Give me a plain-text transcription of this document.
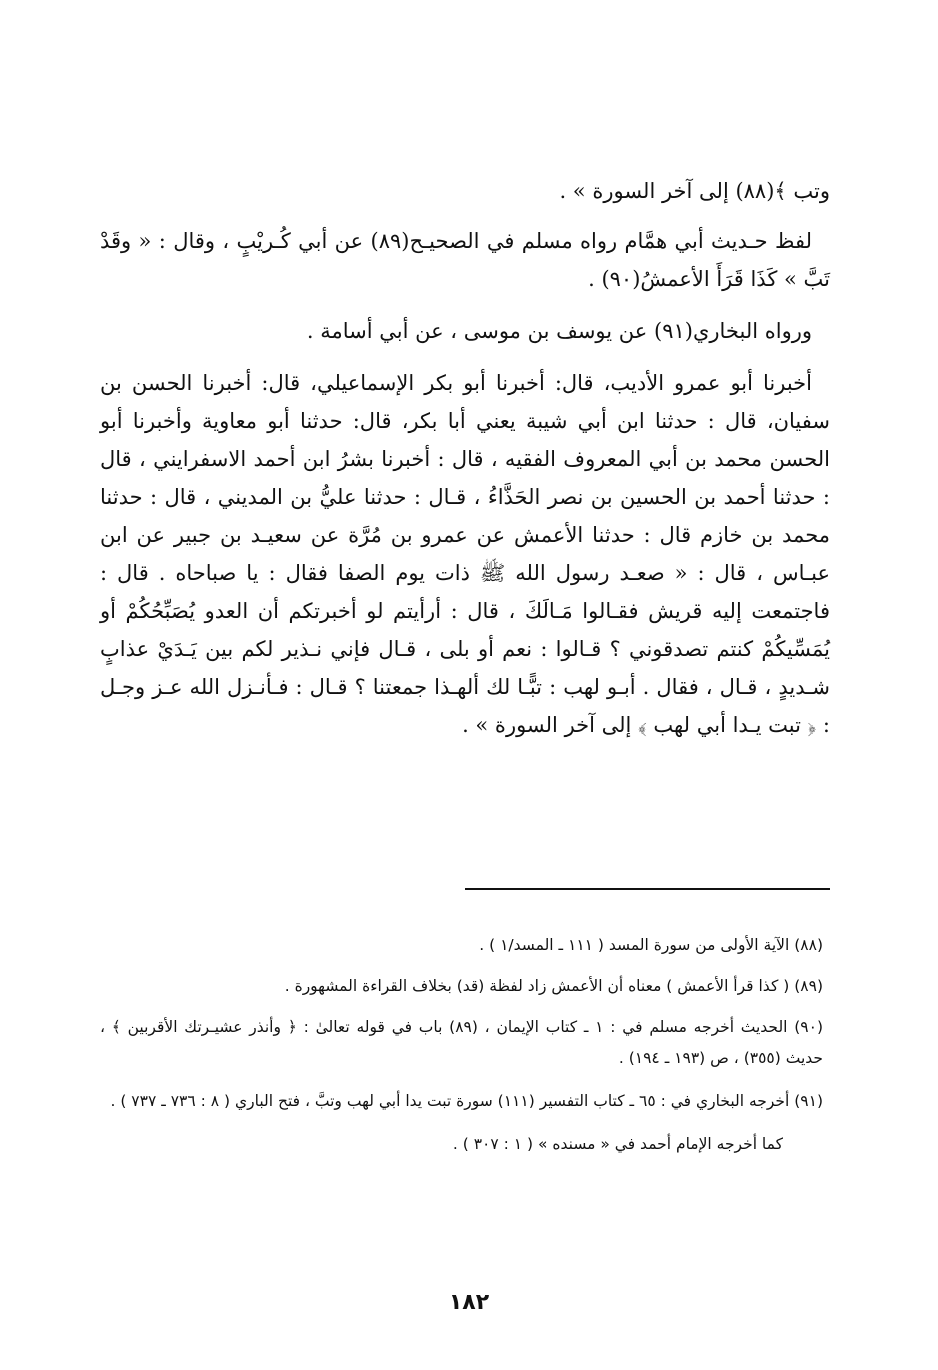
وتب ﴾(٨٨) إلى آخر السورة » .

لفظ حـديث أبي همَّام رواه مسلم في الصحيـح(٨٩) عن أبي كُـريْبٍ ، وقال : « وقَدْ تَبَّ » كَذَا قَرَأَ الأعمشُ(٩٠) .

ورواه البخاري(٩١) عن يوسف بن موسى ، عن أبي أسامة .

أخبرنا أبو عمرو الأديب، قال: أخبرنا أبو بكر الإسماعيلي، قال: أخبرنا الحسن بن سفيان، قال : حدثنا ابن أبي شيبة يعني أبا بكر، قال: حدثنا أبو معاوية وأخبرنا أبو الحسن محمد بن أبي المعروف الفقيه ، قال : أخبرنا بشرُ ابن أحمد الاسفرايني ، قال : حدثنا أحمد بن الحسين بن نصر الحَذَّاءُ ، قـال : حدثنا عليُّ بن المديني ، قال : حدثنا محمد بن خازم قال : حدثنا الأعمش عن عمرو بن مُرَّة عن سعيـد بن جبير عن ابن عبـاس ، قال : « صعـد رسول الله ﷺ ذات يوم الصفا فقال : يا صباحاه . قال : فاجتمعت إليه قريش فقـالوا مَـالَكَ ، قال : أرأيتم لو أخبرتكم أن العدو يُصَبِّحُكُمْ أو يُمَسِّيكُمْ كنتم تصدقوني ؟ قـالوا : نعم أو بلى ، قـال فإني نـذير لكم بين يَـدَيْ عذابٍ شـديدٍ ، قـال ، فقال . أبـو لهب : تبًّـا لك ألهـذا جمعتنا ؟ قـال : فـأنـزل الله عـز وجـل : ﴿ تبت يـدا أبي لهب ﴾ إلى آخر السورة » .

(٨٨) الآية الأولى من سورة المسد ( ١١١ ـ المسد/١ ) .

(٨٩) ( كذا قرأ الأعمش ) معناه أن الأعمش زاد لفظة (قد) بخلاف القراءة المشهورة .

(٩٠) الحديث أخرجه مسلم في : ١ ـ كتاب الإيمان ، (٨٩) باب في قوله تعالىٰ : ﴿ وأنذر عشيـرتك الأقربين ﴾ ، حديث (٣٥٥) ، ص (١٩٣ ـ ١٩٤) .

(٩١) أخرجه البخاري في : ٦٥ ـ كتاب التفسير (١١١) سورة تبت يدا أبي لهب وتبَّ ، فتح الباري ( ٨ : ٧٣٦ ـ ٧٣٧ ) .

كما أخرجه الإمام أحمد في « مسنده » ( ١ : ٣٠٧ ) .

١٨٢
